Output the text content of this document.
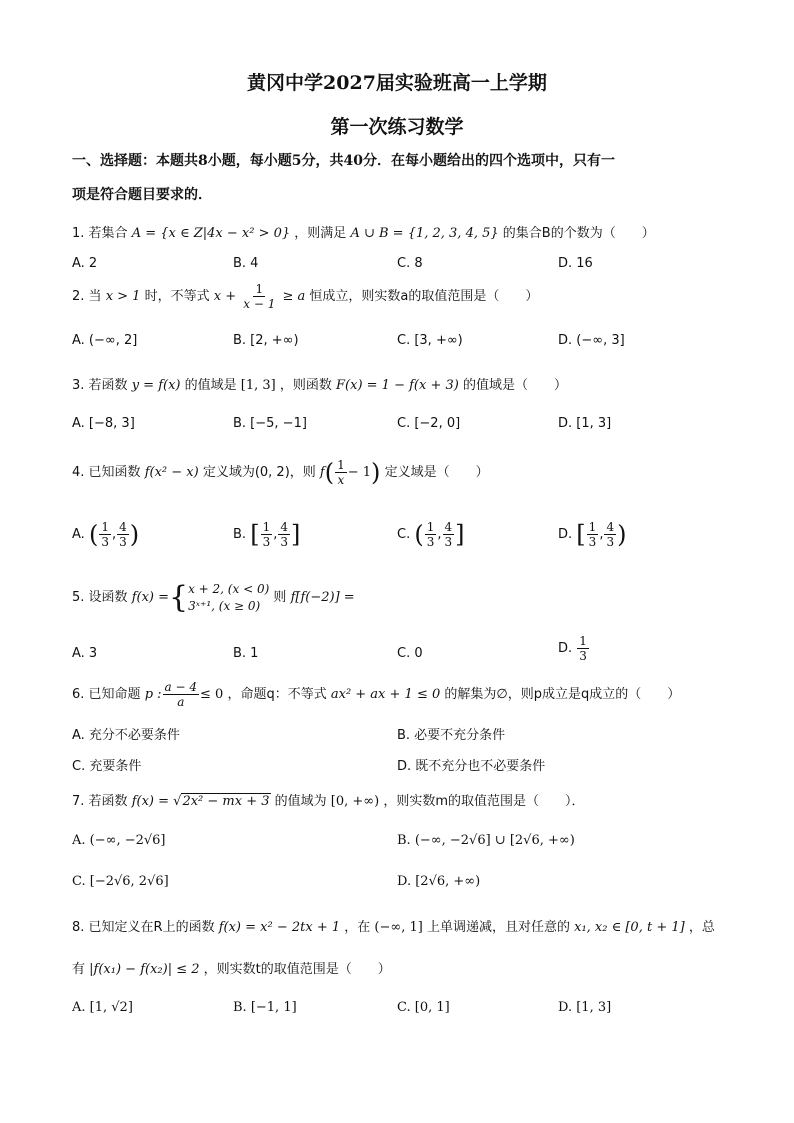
黄冈中学2027届实验班高一上学期
第一次练习数学
一、选择题：本题共8小题，每小题5分，共40分．在每小题给出的四个选项中，只有一
项是符合题目要求的．
1. 若集合 A = {x ∈ Z|4x − x² > 0} ，则满足 A ∪ B = {1, 2, 3, 4, 5} 的集合B的个数为（　　）
A. 2	B. 4	C. 8	D. 16
2. 当 x > 1 时，不等式 $x + \frac{1}{x - 1} \ge a$ 恒成立，则实数a的取值范围是（　　）
A. (−∞, 2]	B. [2, +∞)	C. [3, +∞)	D. (−∞, 3]
3. 若函数 y = f(x) 的值域是 [1, 3] ，则函数 F(x) = 1 − f(x + 3) 的值域是（　　）
A. [−8, 3]	B. [−5, −1]	C. [−2, 0]	D. [1, 3]
4. 已知函数 f(x² − x) 定义域为(0, 2)，则 $f( \frac{1}{x} - 1)$ 定义域是（　　）
A. ( $\frac{1}{3}$ , $\frac{4}{3}$ )	B. [ $\frac{1}{3}$ , $\frac{4}{3}$ ]	C. ( $\frac{1}{3}$ , $\frac{4}{3}$ ]	D. [ $\frac{1}{3}$ , $\frac{4}{3}$ )
5. 设函数 f(x) ={ x + 2, (x < 0)
3ˣ⁺¹, (x ≥ 0)
则 f[f(−2)] =
A. 3	B. 1	C. 0	D. $\frac{1}{3}$
6. 已知命题 p : $\frac{a - 4}{a} \le 0$ ，命题q：不等式 ax² + ax + 1 ≤ 0 的解集为∅，则p成立是q成立的（　　）
A. 充分不必要条件	B. 必要不充分条件
C. 充要条件	D. 既不充分也不必要条件
7. 若函数 f(x) = √2x² − mx + 3 的值域为 [0, +∞) ，则实数m的取值范围是（　　）．
A. (−∞, −2√6]	B. (−∞, −2√6] ∪ [2√6, +∞)
C. [−2√6, 2√6]	D. [2√6, +∞)
8. 已知定义在R上的函数 f(x) = x² − 2tx + 1 ，在 (−∞, 1] 上单调递减，且对任意的 x₁, x₂ ∈ [0, t + 1] ，总
有 |f(x₁) − f(x₂)| ≤ 2 ，则实数t的取值范围是（　　）
A. [1, √2]	B. [−1, 1]	C. [0, 1]	D. [1, 3]
